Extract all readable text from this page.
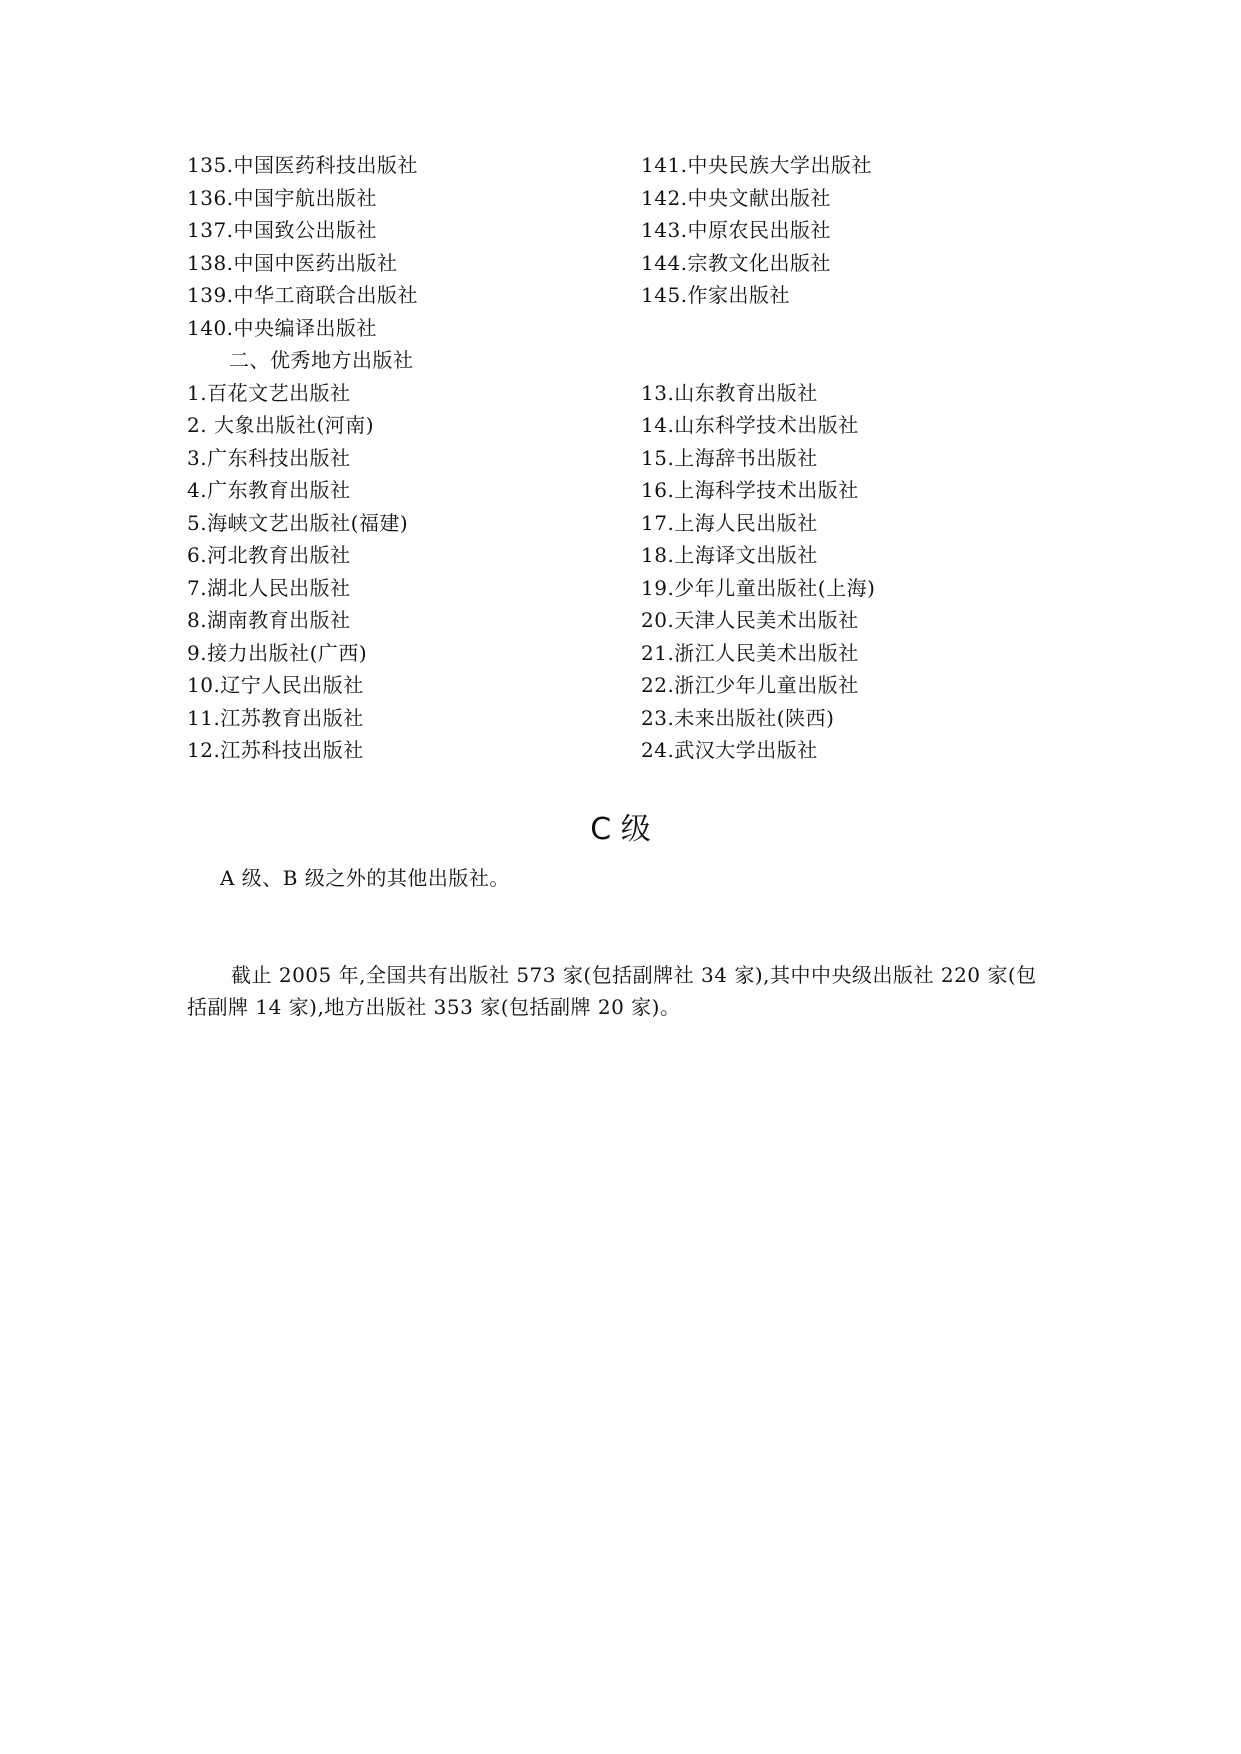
135.中国医药科技出版社
136.中国宇航出版社
137.中国致公出版社
138.中国中医药出版社
139.中华工商联合出版社
140.中央编译出版社
141.中央民族大学出版社
142.中央文献出版社
143.中原农民出版社
144.宗教文化出版社
145.作家出版社
二、优秀地方出版社
1.百花文艺出版社
2. 大象出版社(河南)
3.广东科技出版社
4.广东教育出版社
5.海峡文艺出版社(福建)
6.河北教育出版社
7.湖北人民出版社
8.湖南教育出版社
9.接力出版社(广西)
10.辽宁人民出版社
11.江苏教育出版社
12.江苏科技出版社
13.山东教育出版社
14.山东科学技术出版社
15.上海辞书出版社
16.上海科学技术出版社
17.上海人民出版社
18.上海译文出版社
19.少年儿童出版社(上海)
20.天津人民美术出版社
21.浙江人民美术出版社
22.浙江少年儿童出版社
23.未来出版社(陕西)
24.武汉大学出版社
C 级
A 级、B 级之外的其他出版社。
截止 2005 年,全国共有出版社 573 家(包括副牌社 34 家),其中中央级出版社 220 家(包括副牌 14 家),地方出版社 353 家(包括副牌 20 家)。
